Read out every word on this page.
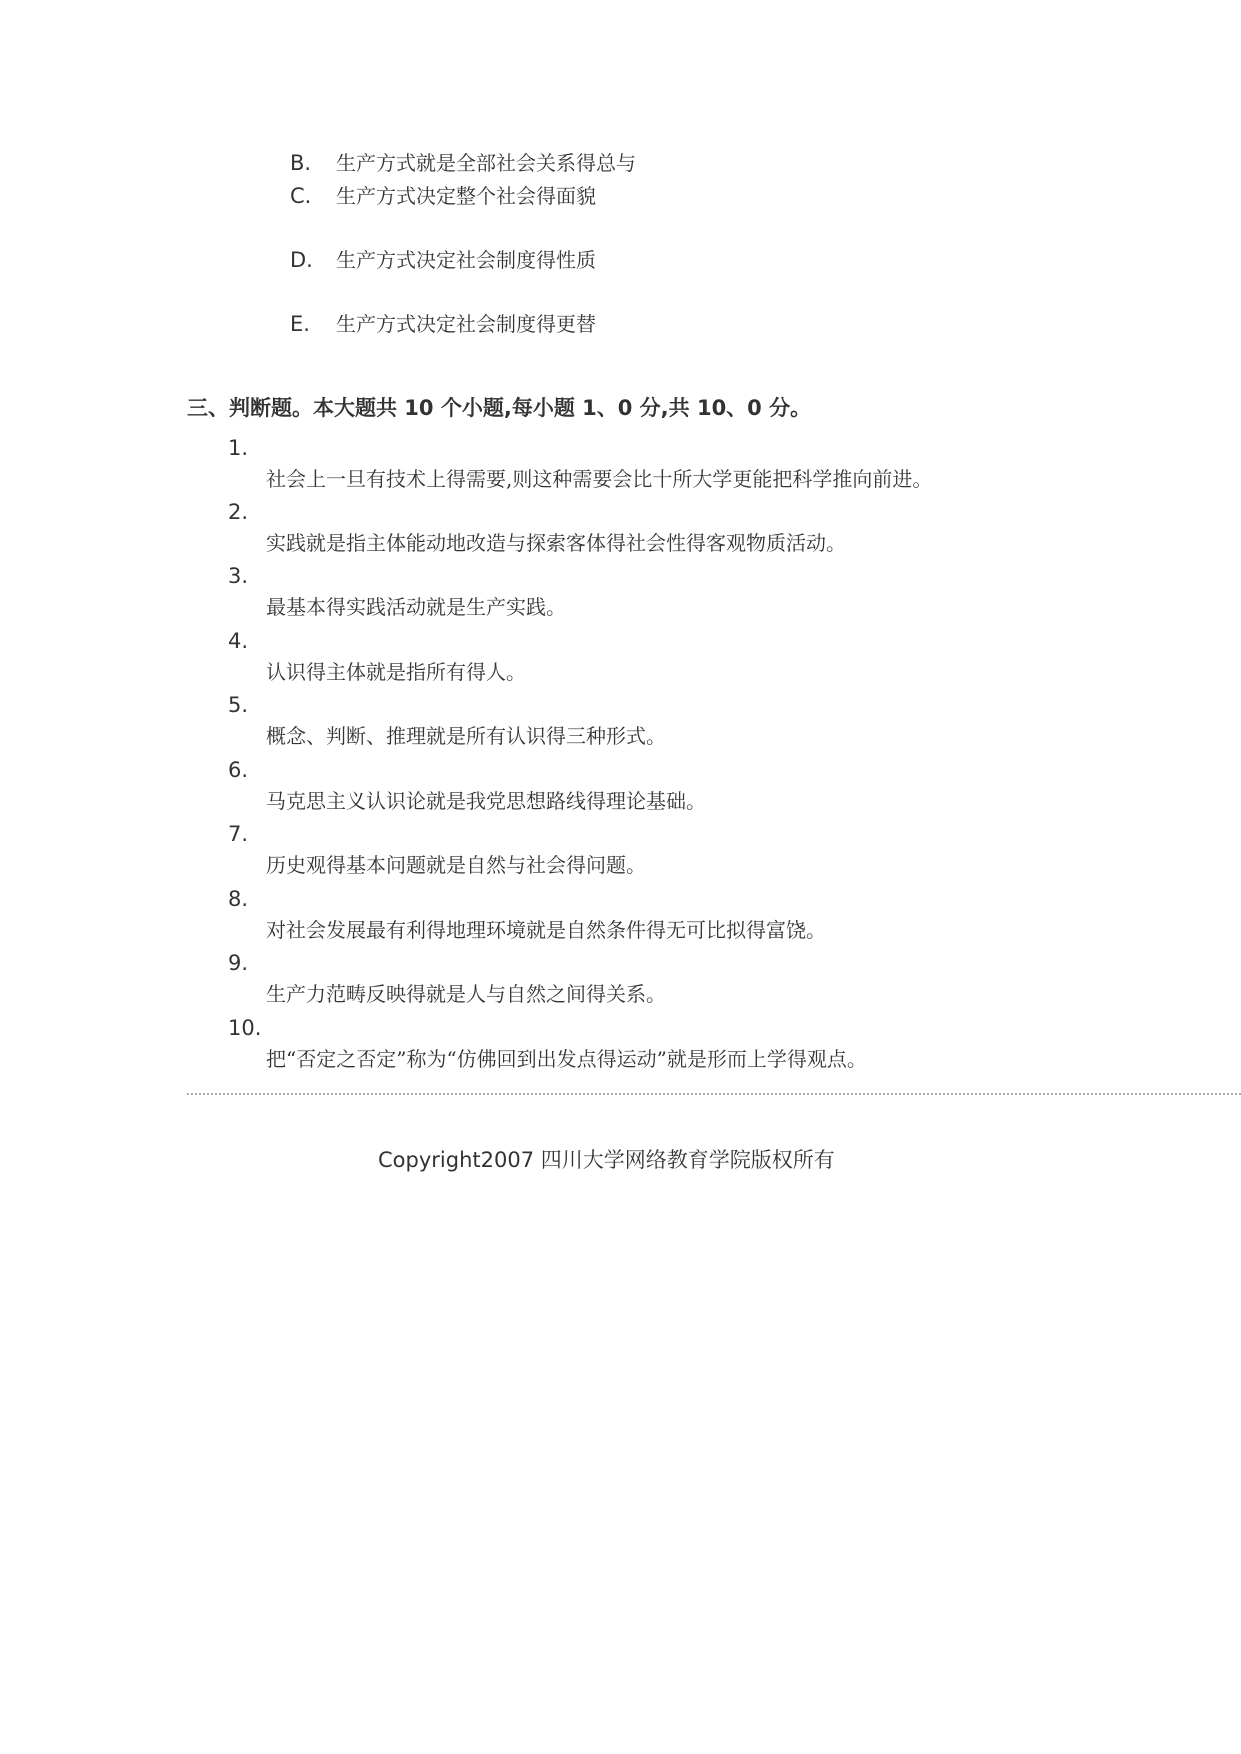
B. 生产方式就是全部社会关系得总与
C. 生产方式决定整个社会得面貌
D. 生产方式决定社会制度得性质
E. 生产方式决定社会制度得更替
三、判断题。本大题共 10 个小题,每小题 1、0 分,共 10、0 分。
1.
社会上一旦有技术上得需要,则这种需要会比十所大学更能把科学推向前进。
2.
实践就是指主体能动地改造与探索客体得社会性得客观物质活动。
3.
最基本得实践活动就是生产实践。
4.
认识得主体就是指所有得人。
5.
概念、判断、推理就是所有认识得三种形式。
6.
马克思主义认识论就是我党思想路线得理论基础。
7.
历史观得基本问题就是自然与社会得问题。
8.
对社会发展最有利得地理环境就是自然条件得无可比拟得富饶。
9.
生产力范畴反映得就是人与自然之间得关系。
10.
把“否定之否定”称为“仿佛回到出发点得运动”就是形而上学得观点。
Copyright2007 四川大学网络教育学院版权所有
